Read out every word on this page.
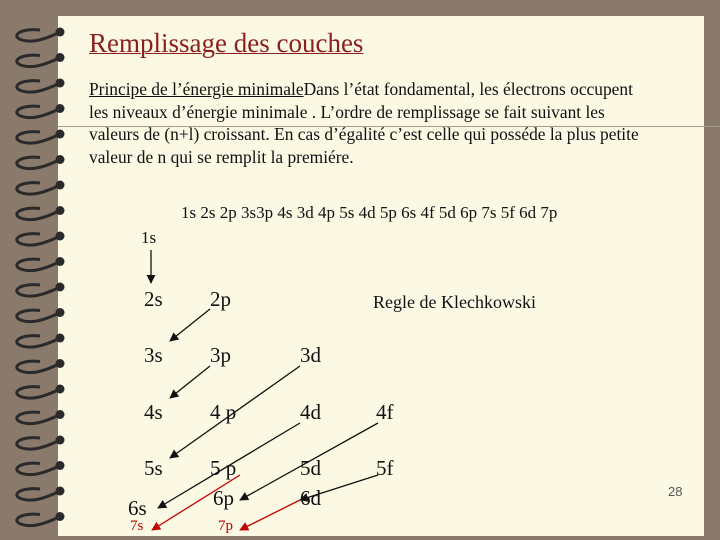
Remplissage des couches
Principe de l’énergie minimaleDans l’état fondamental, les électrons occupent les niveaux d’énergie minimale . L’ordre de remplissage se fait suivant les valeurs de (n+l) croissant. En cas d’égalité c’est celle qui posséde la plus petite valeur de n qui se remplit la premiére.
1s 2s 2p 3s3p 4s 3d 4p 5s 4d 5p 6s 4f 5d 6p 7s 5f 6d 7p
Regle de Klechkowski
1s
2s 2p
3s 3p	3d
4s 4 p	4d	4f
5s 5 p	5d	5f
6s	6p	6d
7s	7p
28
